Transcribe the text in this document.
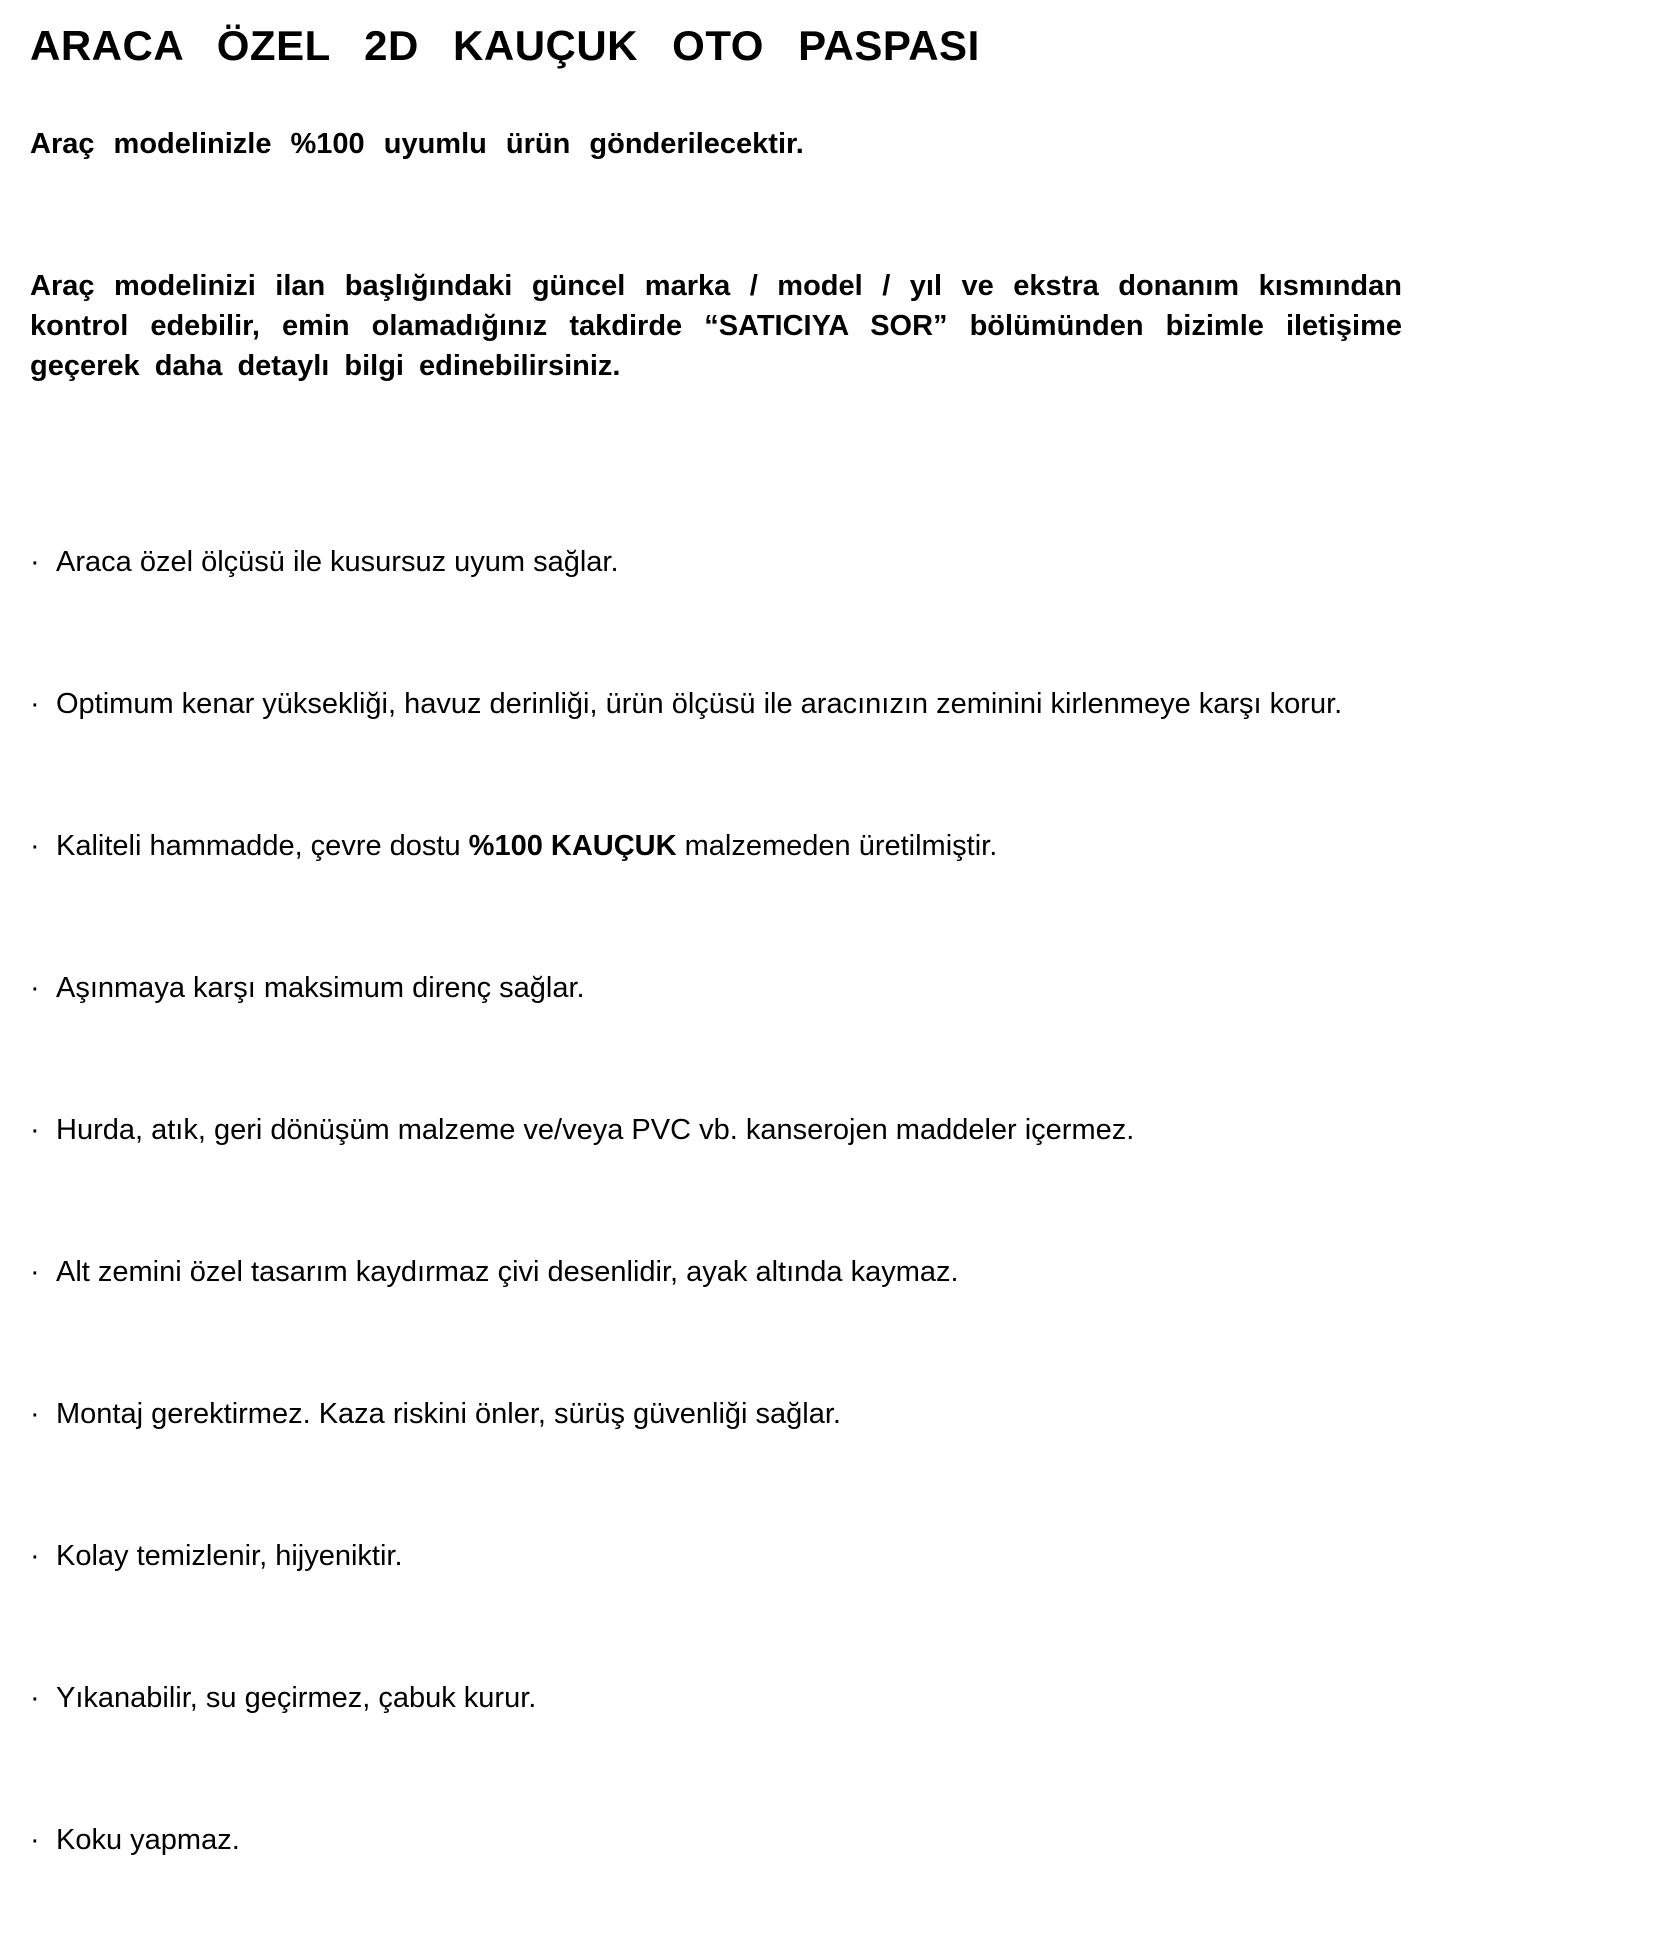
ARACA ÖZEL 2D KAUÇUK OTO PASPASI

Araç modelinizle %100 uyumlu ürün gönderilecektir.

Araç modelinizi ilan başlığındaki güncel marka / model / yıl ve ekstra donanım kısmından kontrol edebilir, emin olamadığınız takdirde “SATICIYA SOR” bölümünden bizimle iletişime geçerek daha detaylı bilgi edinebilirsiniz.

· Araca özel ölçüsü ile kusursuz uyum sağlar.
· Optimum kenar yüksekliği, havuz derinliği, ürün ölçüsü ile aracınızın zeminini kirlenmeye karşı korur.
· Kaliteli hammadde, çevre dostu %100 KAUÇUK malzemeden üretilmiştir.
· Aşınmaya karşı maksimum direnç sağlar.
· Hurda, atık, geri dönüşüm malzeme ve/veya PVC vb. kanserojen maddeler içermez.
· Alt zemini özel tasarım kaydırmaz çivi desenlidir, ayak altında kaymaz.
· Montaj gerektirmez. Kaza riskini önler, sürüş güvenliği sağlar.
· Kolay temizlenir, hijyeniktir.
· Yıkanabilir, su geçirmez, çabuk kurur.
· Koku yapmaz.
